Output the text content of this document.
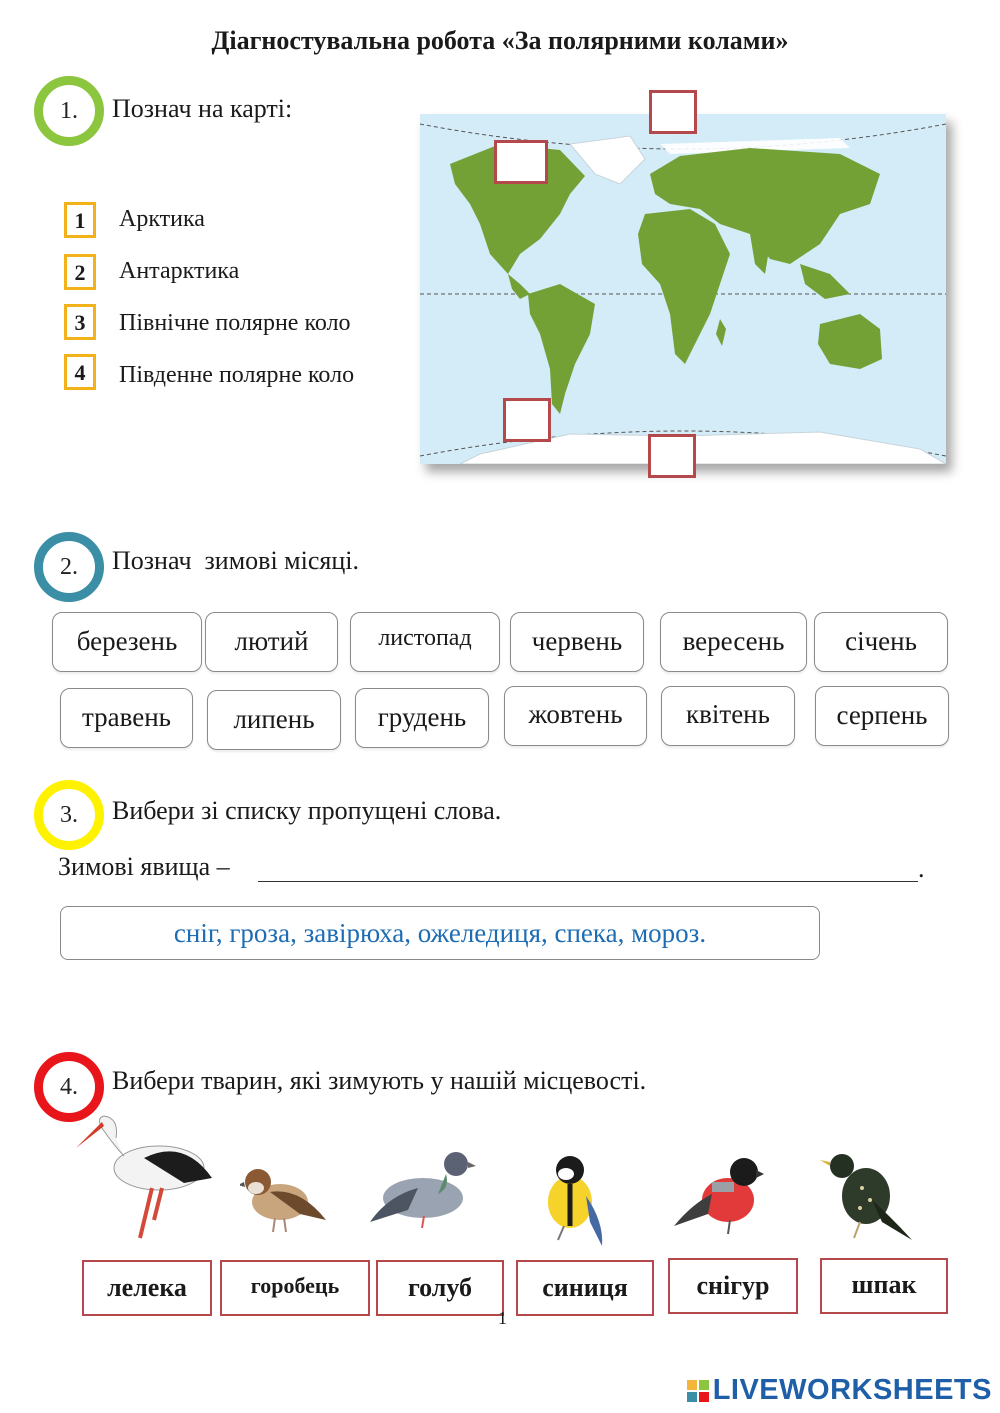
Діагностувальна робота «За полярними колами»
1.	Познач на карті:
1	Арктика
2	Антарктика
3	Північне полярне коло
4	Південне полярне коло
2.	Познач  зимові місяці.
березень	лютий	листопад	червень	вересень	січень
травень	липень	грудень	жовтень	квітень	серпень
3.	Вибери зі списку пропущені слова.
Зимові явища –	.
сніг, гроза, завірюха, ожеледиця, спека, мороз.
4.	Вибери тварин, які зимують у нашій місцевості.
лелека	горобець	голуб	синиця	снігур	шпак
1
LIVEWORKSHEETS
